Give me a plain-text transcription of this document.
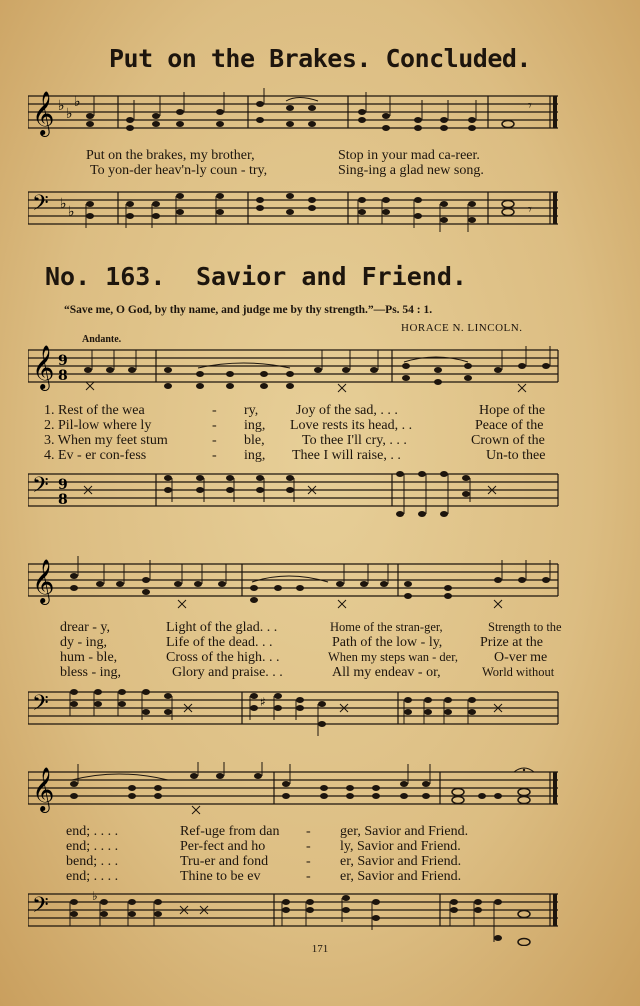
Put on the Brakes. Concluded.
𝄞 ♭ ♭
♭	𝄾
Put on the brakes, my brother,	Stop in your mad ca-reer.
To yon-der heav'n-ly coun - try,	Sing-ing a glad new song.
𝄢 ♭ ♭	𝄾
No. 163. Savior and Friend.
“Save me, O God, by thy name, and judge me by thy strength.”—Ps. 54 : 1.
HORACE N. LINCOLN.
Andante.
𝄞 9
8
1. Rest of the wea	- ry,	Joy of the sad, . . .	Hope of the
2. Pil-low where ly	- ing, Love rests its head, . .	Peace of the
3. When my feet stum	- ble,	To thee I'll cry, . . .	Crown of the
4. Ev - er con-fess	- ing, Thee I will raise, . .	Un-to thee
𝄢 9
8
𝄞
drear - y,	Light of the glad. . .	Home of the stran-ger,	Strength to the
dy - ing,	Life of the dead. . .	Path of the low - ly,	Prize at the
hum - ble,	Cross of the high. . .	When my steps wan - der,	O-ver me
bless - ing,	Glory and praise. . .	All my endeav - or,	World without
𝄢	♯
𝄞
end; . . . .	Ref-uge from dan - ger, Savior and Friend.
end; . . . .	Per-fect and ho	- ly, Savior and Friend.
bend; . . .	Tru-er and fond	- er, Savior and Friend.
end; . . . .	Thine to be ev	- er, Savior and Friend.
𝄢	♭
171
